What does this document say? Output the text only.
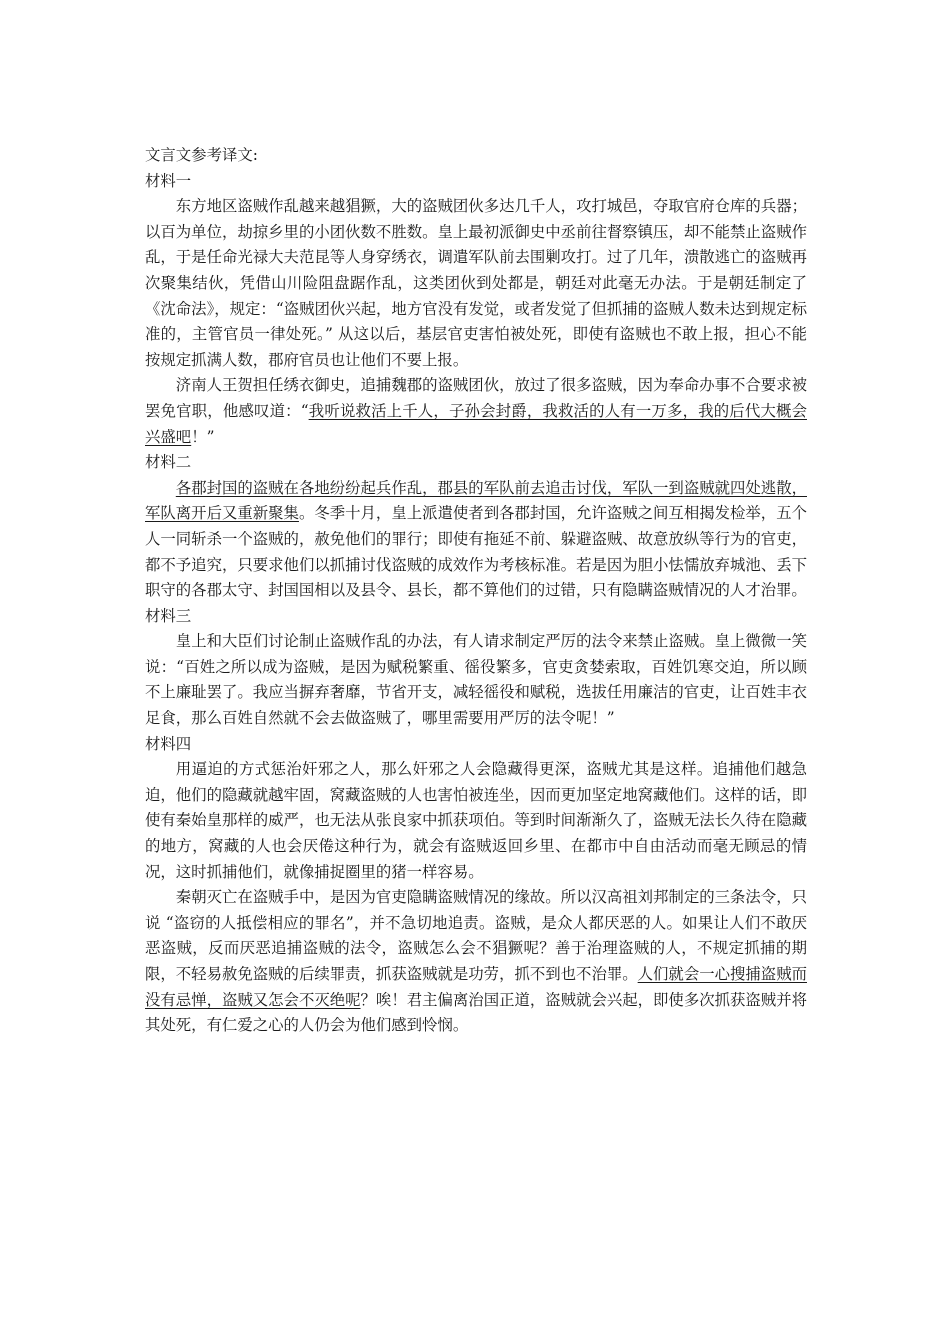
文言文参考译文:
材料一

东方地区盗贼作乱越来越猖獗，大的盗贼团伙多达几千人，攻打城邑，夺取官府仓库的兵器；以百为单位，劫掠乡里的小团伙数不胜数。皇上最初派御史中丞前往督察镇压，却不能禁止盗贼作乱，于是任命光禄大夫范昆等人身穿绣衣，调遣军队前去围剿攻打。过了几年，溃散逃亡的盗贼再次聚集结伙，凭借山川险阻盘踞作乱，这类团伙到处都是，朝廷对此毫无办法。于是朝廷制定了《沈命法》，规定：“盗贼团伙兴起，地方官没有发觉，或者发觉了但抓捕的盗贼人数未达到规定标准的，主管官员一律处死。” 从这以后，基层官吏害怕被处死，即使有盗贼也不敢上报，担心不能按规定抓满人数，郡府官员也让他们不要上报。

济南人王贺担任绣衣御史，追捕魏郡的盗贼团伙，放过了很多盗贼，因为奉命办事不合要求被罢免官职，他感叹道：“我听说救活上千人，子孙会封爵，我救活的人有一万多，我的后代大概会兴盛吧！”

材料二

各郡封国的盗贼在各地纷纷起兵作乱，郡县的军队前去追击讨伐，军队一到盗贼就四处逃散，军队离开后又重新聚集。冬季十月，皇上派遣使者到各郡封国，允许盗贼之间互相揭发检举，五个人一同斩杀一个盗贼的，赦免他们的罪行；即使有拖延不前、躲避盗贼、故意放纵等行为的官吏，都不予追究，只要求他们以抓捕讨伐盗贼的成效作为考核标准。若是因为胆小怯懦放弃城池、丢下职守的各郡太守、封国国相以及县令、县长，都不算他们的过错，只有隐瞒盗贼情况的人才治罪。

材料三

皇上和大臣们讨论制止盗贼作乱的办法，有人请求制定严厉的法令来禁止盗贼。皇上微微一笑说：“百姓之所以成为盗贼，是因为赋税繁重、徭役繁多，官吏贪婪索取，百姓饥寒交迫，所以顾不上廉耻罢了。我应当摒弃奢靡，节省开支，减轻徭役和赋税，选拔任用廉洁的官吏，让百姓丰衣足食，那么百姓自然就不会去做盗贼了，哪里需要用严厉的法令呢！”

材料四

用逼迫的方式惩治奸邪之人，那么奸邪之人会隐藏得更深，盗贼尤其是这样。追捕他们越急迫，他们的隐藏就越牢固，窝藏盗贼的人也害怕被连坐，因而更加坚定地窝藏他们。这样的话，即使有秦始皇那样的威严，也无法从张良家中抓获项伯。等到时间渐渐久了，盗贼无法长久待在隐藏的地方，窝藏的人也会厌倦这种行为，就会有盗贼返回乡里、在都市中自由活动而毫无顾忌的情况，这时抓捕他们，就像捕捉圈里的猪一样容易。

秦朝灭亡在盗贼手中，是因为官吏隐瞒盗贼情况的缘故。所以汉高祖刘邦制定的三条法令，只说 “盗窃的人抵偿相应的罪名”，并不急切地追责。盗贼，是众人都厌恶的人。如果让人们不敢厌恶盗贼，反而厌恶追捕盗贼的法令，盗贼怎么会不猖獗呢？善于治理盗贼的人，不规定抓捕的期限，不轻易赦免盗贼的后续罪责，抓获盗贼就是功劳，抓不到也不治罪。人们就会一心搜捕盗贼而没有忌惮，盗贼又怎会不灭绝呢？唉！君主偏离治国正道，盗贼就会兴起，即使多次抓获盗贼并将其处死，有仁爱之心的人仍会为他们感到怜悯。
